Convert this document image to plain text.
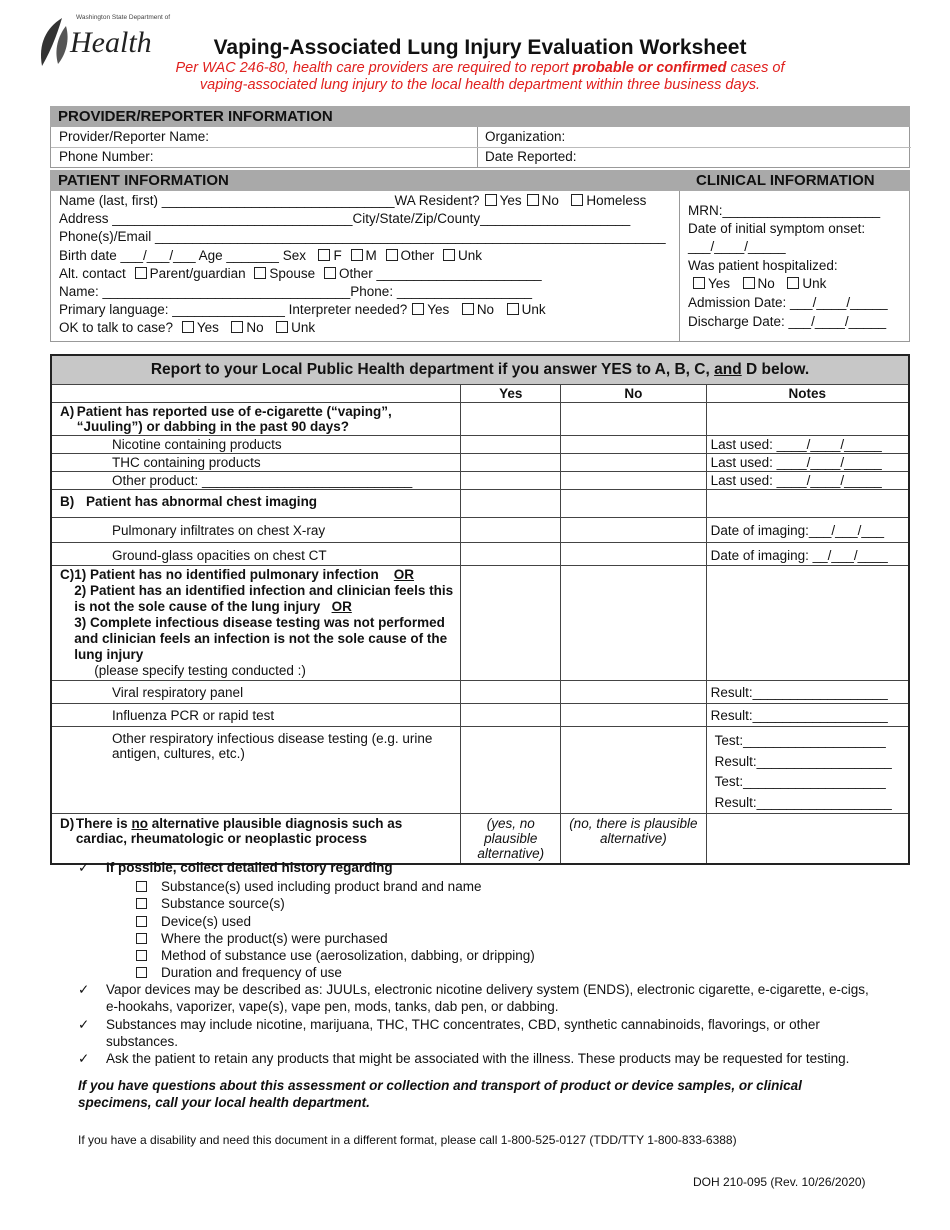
Washington State Department of
Health	Vaping-Associated Lung Injury Evaluation Worksheet
Per WAC 246-80, health care providers are required to report probable or confirmed cases of vaping-associated lung injury to the local health department within three business days.
PROVIDER/REPORTER INFORMATION
Provider/Reporter Name:	Organization:
Phone Number:	Date Reported:
PATIENT INFORMATION	CLINICAL INFORMATION
Name (last, first) _______________________________WA Resident? Yes No Homeless
Address ________________________________City/State/Zip/County____________________
Phone(s)/Email ____________________________________________________________________
Birth date ___/___/___ Age _______ Sex F M Other Unk
Alt. contact Parent/guardian Spouse Other ______________________
Name: _________________________________Phone: __________________
Primary language: _______________ Interpreter needed? Yes No Unk
OK to talk to case? Yes No Unk
MRN:_____________________
Date of initial symptom onset:
___/____/_____
Was patient hospitalized:
Yes No Unk
Admission Date: ___/____/_____
Discharge Date: ___/____/_____
Report to your Local Public Health department if you answer YES to A, B, C, and D below.			
	Yes	No	Notes

A) Patient has reported use of e-cigarette (“vaping”, “Juuling”) or dabbing in the past 90 days?			

Nicotine containing products			Last used: ____/____/_____
THC containing products			Last used: ____/____/_____
Other product: ____________________________			Last used: ____/____/_____
B) Patient has abnormal chest imaging			
Pulmonary infiltrates on chest X-ray			Date of imaging:___/___/___
Ground-glass opacities on chest CT			Date of imaging: __/___/____

C) 1) Patient has no identified pulmonary infection OR
2) Patient has an identified infection and clinician feels this is not the sole cause of the lung injury OR
3) Complete infectious disease testing was not performed and clinician feels an infection is not the sole cause of the lung injury
(please specify testing conducted :)			

Viral respiratory panel			Result:__________________
Influenza PCR or rapid test			Result:__________________
Other respiratory infectious disease testing (e.g. urine antigen, cultures, etc.)			Test:___________________
Result:__________________
Test:___________________
Result:__________________

D) There is no alternative plausible diagnosis such as cardiac, rheumatologic or neoplastic process	(yes, no plausible alternative)	(no, there is plausible alternative)	
✓ If possible, collect detailed history regarding
Substance(s) used including product brand and name
Substance source(s)
Device(s) used
Where the product(s) were purchased
Method of substance use (aerosolization, dabbing, or dripping)
Duration and frequency of use
✓	Vapor devices may be described as: JUULs, electronic nicotine delivery system (ENDS), electronic cigarette, e-cigarette, e-cigs, e-hookahs, vaporizer, vape(s), vape pen, mods, tanks, dab pen, or dabbing.
✓	Substances may include nicotine, marijuana, THC, THC concentrates, CBD, synthetic cannabinoids, flavorings, or other substances.
✓	Ask the patient to retain any products that might be associated with the illness. These products may be requested for testing.
If you have questions about this assessment or collection and transport of product or device samples, or clinical specimens, call your local health department.
If you have a disability and need this document in a different format, please call 1-800-525-0127 (TDD/TTY 1-800-833-6388)
DOH 210-095 (Rev. 10/26/2020)
